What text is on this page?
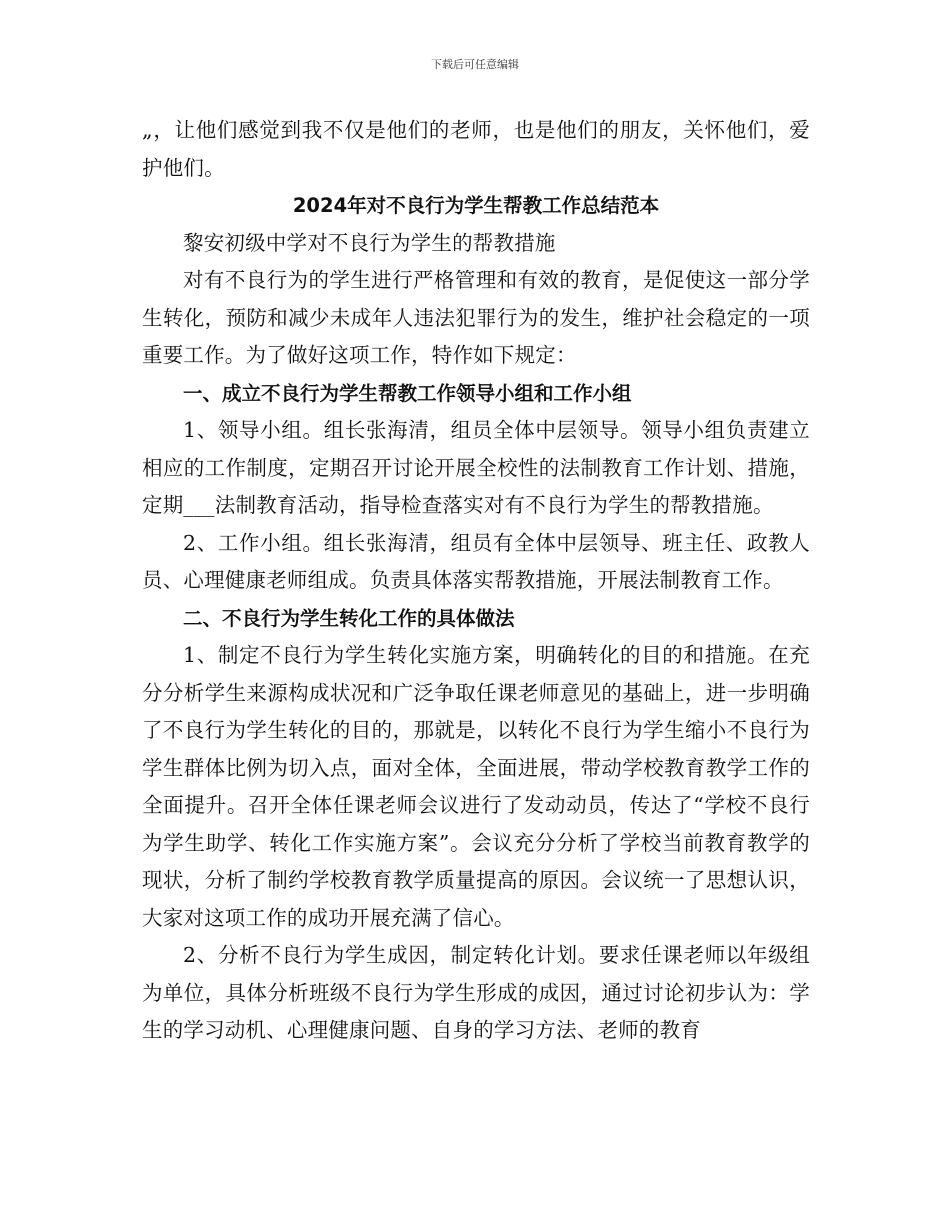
下载后可任意编辑

„，让他们感觉到我不仅是他们的老师，也是他们的朋友，关怀他们，爱护他们。

2024年对不良行为学生帮教工作总结范本

黎安初级中学对不良行为学生的帮教措施

对有不良行为的学生进行严格管理和有效的教育，是促使这一部分学生转化，预防和减少未成年人违法犯罪行为的发生，维护社会稳定的一项重要工作。为了做好这项工作，特作如下规定：

一、成立不良行为学生帮教工作领导小组和工作小组

1、领导小组。组长张海清，组员全体中层领导。领导小组负责建立相应的工作制度，定期召开讨论开展全校性的法制教育工作计划、措施，定期___法制教育活动，指导检查落实对有不良行为学生的帮教措施。

2、工作小组。组长张海清，组员有全体中层领导、班主任、政教人员、心理健康老师组成。负责具体落实帮教措施，开展法制教育工作。

二、不良行为学生转化工作的具体做法

1、制定不良行为学生转化实施方案，明确转化的目的和措施。在充分分析学生来源构成状况和广泛争取任课老师意见的基础上，进一步明确了不良行为学生转化的目的，那就是，以转化不良行为学生缩小不良行为学生群体比例为切入点，面对全体，全面进展，带动学校教育教学工作的全面提升。召开全体任课老师会议进行了发动动员，传达了“学校不良行为学生助学、转化工作实施方案”。会议充分分析了学校当前教育教学的现状，分析了制约学校教育教学质量提高的原因。会议统一了思想认识，大家对这项工作的成功开展充满了信心。

2、分析不良行为学生成因，制定转化计划。要求任课老师以年级组为单位，具体分析班级不良行为学生形成的成因，通过讨论初步认为：学生的学习动机、心理健康问题、自身的学习方法、老师的教育
